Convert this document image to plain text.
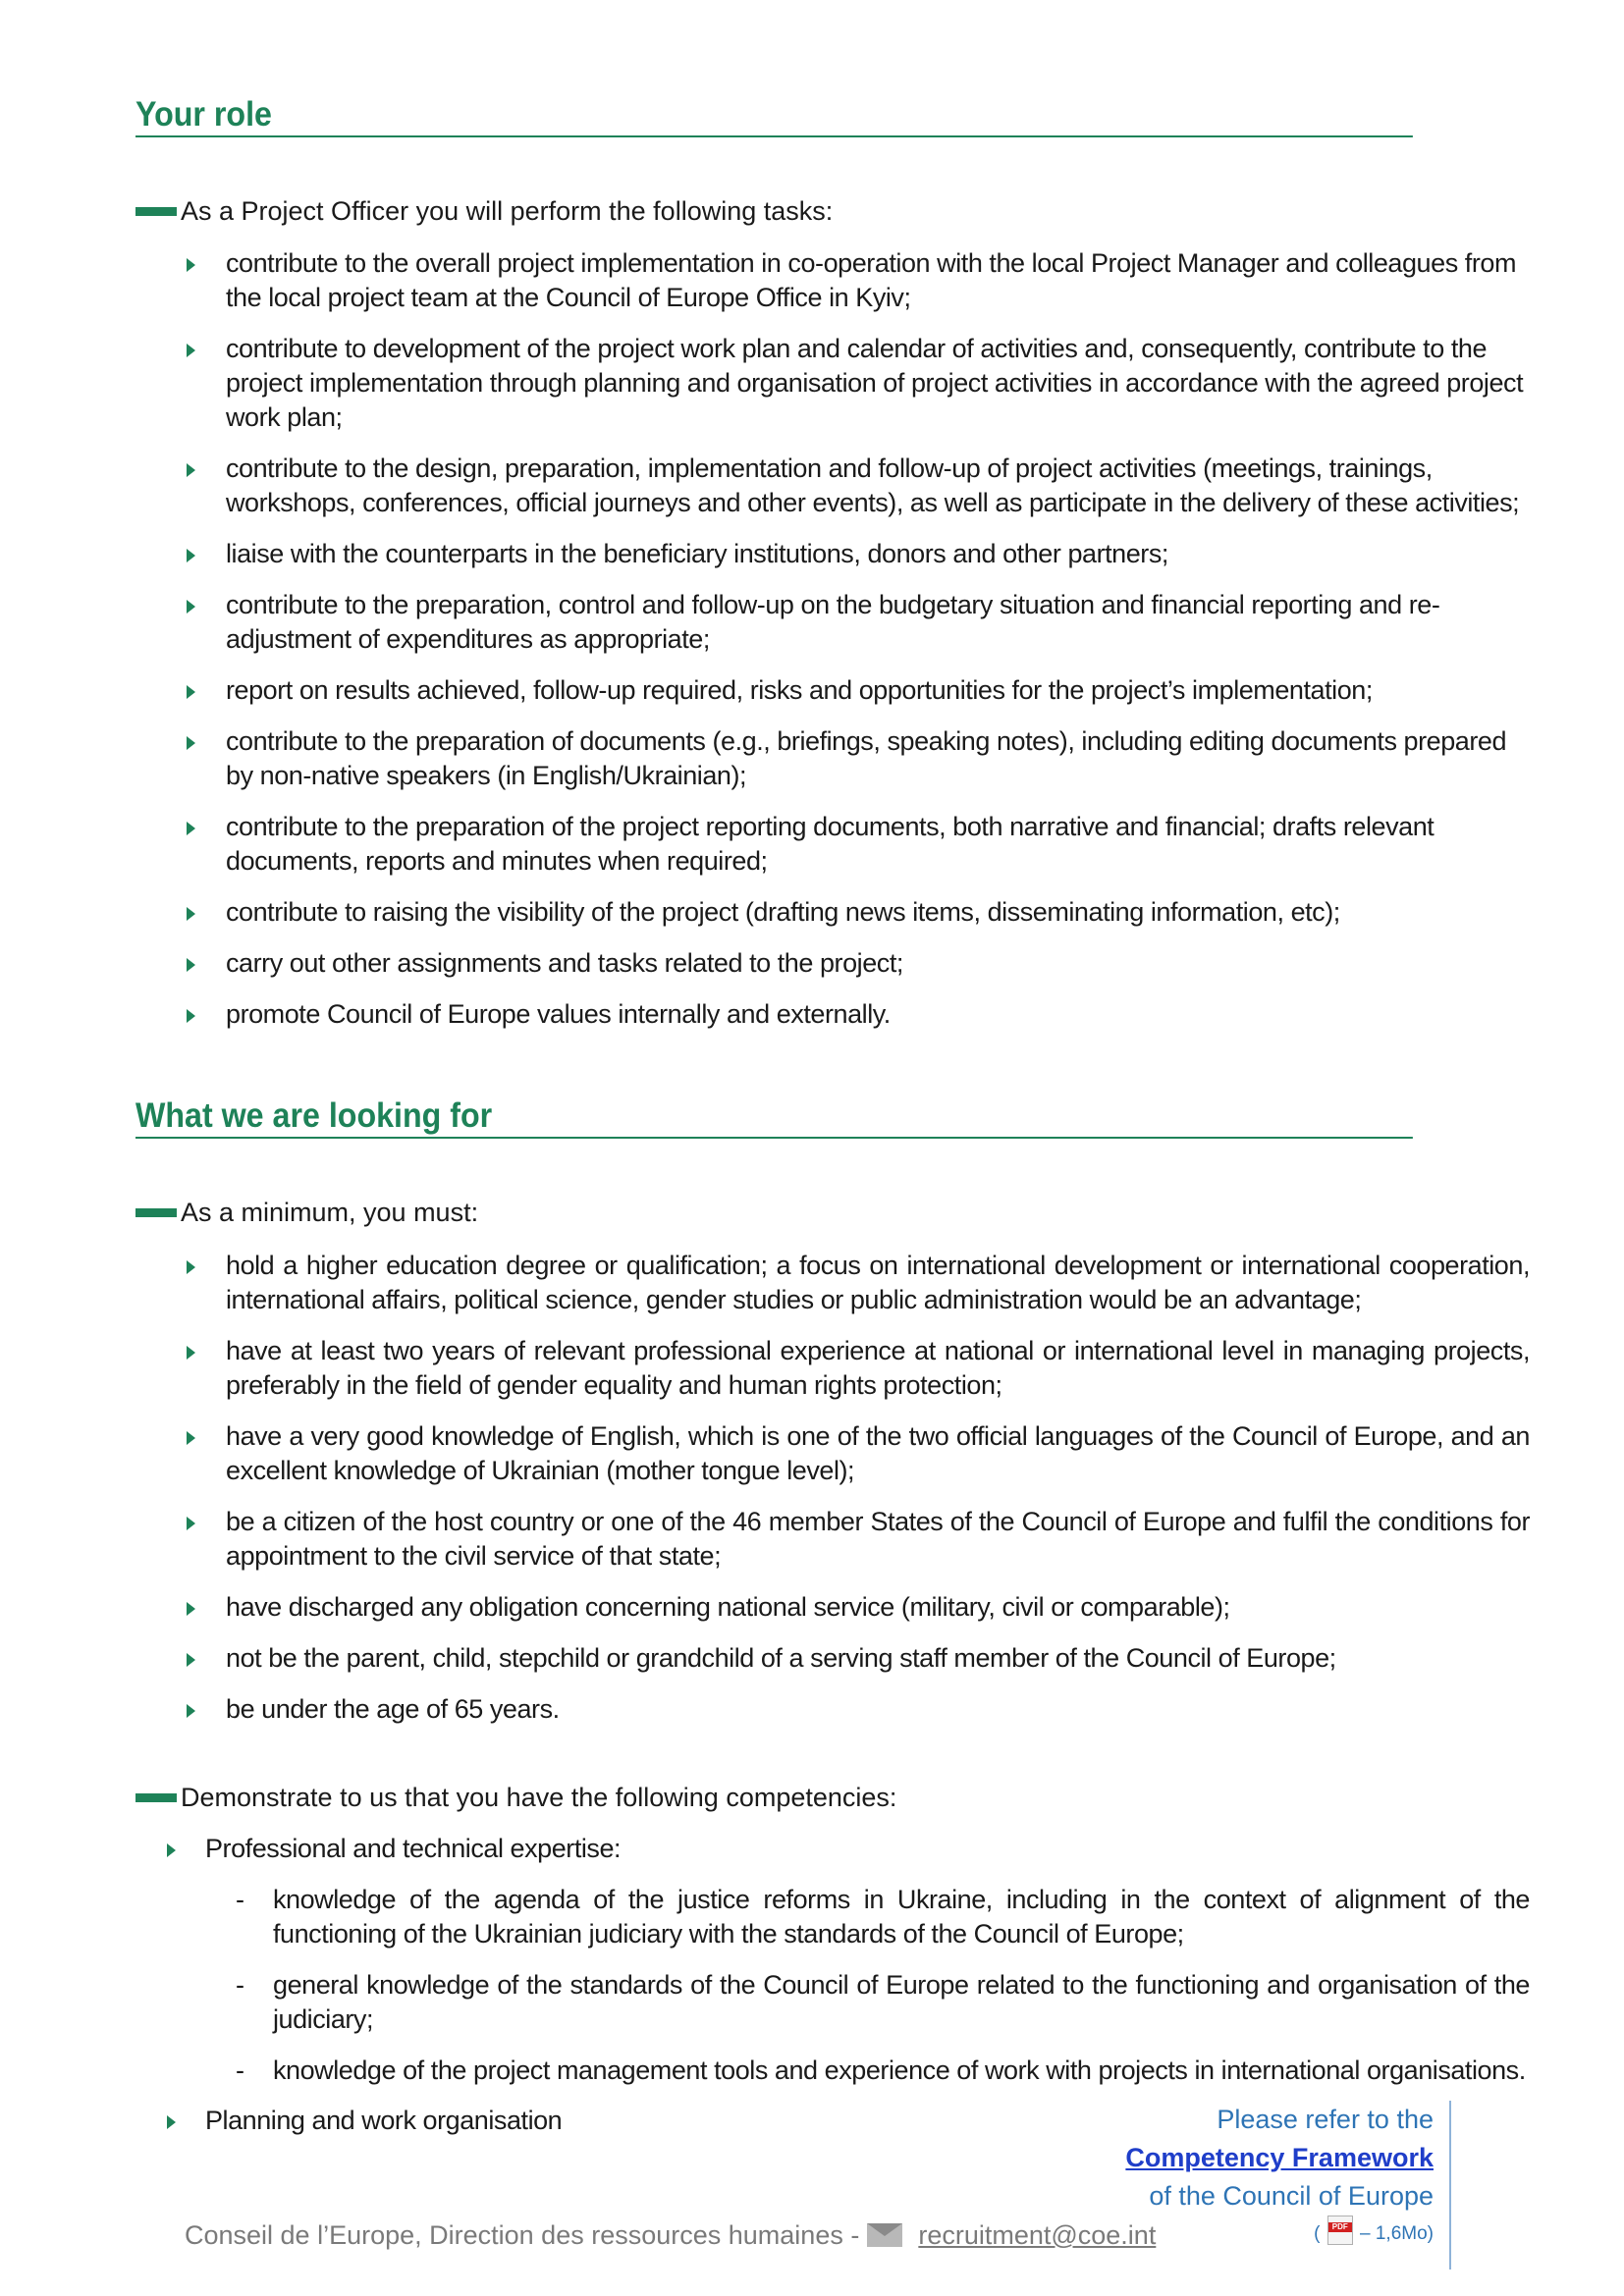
Your role
As a Project Officer you will perform the following tasks:
contribute to the overall project implementation in co-operation with the local Project Manager and colleagues from the local project team at the Council of Europe Office in Kyiv;
contribute to development of the project work plan and calendar of activities and, consequently, contribute to the project implementation through planning and organisation of project activities in accordance with the agreed project work plan;
contribute to the design, preparation, implementation and follow-up of project activities (meetings, trainings, workshops, conferences, official journeys and other events), as well as participate in the delivery of these activities;
liaise with the counterparts in the beneficiary institutions, donors and other partners;
contribute to the preparation, control and follow-up on the budgetary situation and financial reporting and re-adjustment of expenditures as appropriate;
report on results achieved, follow-up required, risks and opportunities for the project’s implementation;
contribute to the preparation of documents (e.g., briefings, speaking notes), including editing documents prepared by non-native speakers (in English/Ukrainian);
contribute to the preparation of the project reporting documents, both narrative and financial; drafts relevant documents, reports and minutes when required;
contribute to raising the visibility of the project (drafting news items, disseminating information, etc);
carry out other assignments and tasks related to the project;
promote Council of Europe values internally and externally.
What we are looking for
As a minimum, you must:
hold a higher education degree or qualification; a focus on international development or international cooperation, international affairs, political science, gender studies or public administration would be an advantage;
have at least two years of relevant professional experience at national or international level in managing projects, preferably in the field of gender equality and human rights protection;
have a very good knowledge of English, which is one of the two official languages of the Council of Europe, and an excellent knowledge of Ukrainian (mother tongue level);
be a citizen of the host country or one of the 46 member States of the Council of Europe and fulfil the conditions for appointment to the civil service of that state;
have discharged any obligation concerning national service (military, civil or comparable);
not be the parent, child, stepchild or grandchild of a serving staff member of the Council of Europe;
be under the age of 65 years.
Demonstrate to us that you have the following competencies:
Professional and technical expertise:
- knowledge of the agenda of the justice reforms in Ukraine, including in the context of alignment of the functioning of the Ukrainian judiciary with the standards of the Council of Europe;
- general knowledge of the standards of the Council of Europe related to the functioning and organisation of the judiciary;
- knowledge of the project management tools and experience of work with projects in international organisations.
Planning and work organisation	Please refer to the
Competency Framework
of the Council of Europe
(	PDF – 1,6Mo)
Conseil de l’Europe, Direction des ressources humaines - recruitment@coe.int
